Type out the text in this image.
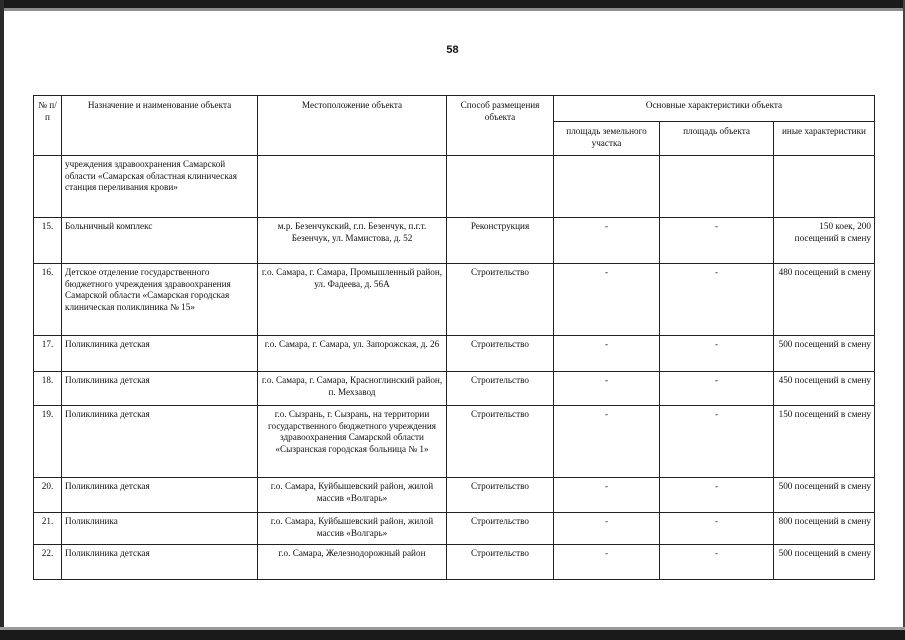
58
№ п/п	Назначение и наименование объекта	Местоположение объекта	Способ размещения объекта	Основные характеристики объекта		
				площадь земельного участка	площадь объекта	иные характеристики
	учреждения здравоохранения Самарской области «Самарская областная клиническая станция переливания крови»					
15.	Больничный комплекс	м.р. Безенчукский, г.п. Безенчук, п.г.т. Безенчук, ул. Мамистова, д. 52	Реконструкция	-	-	150 коек, 200 посещений в смену
16.	Детское отделение государственного бюджетного учреждения здравоохранения Самарской области «Самарская городская клиническая поликлиника № 15»	г.о. Самара, г. Самара, Промышленный район, ул. Фадеева, д. 56А	Строительство	-	-	480 посещений в смену
17.	Поликлиника детская	г.о. Самара, г. Самара, ул. Запорожская, д. 26	Строительство	-	-	500 посещений в смену
18.	Поликлиника детская	г.о. Самара, г. Самара, Красноглинский район, п. Мехзавод	Строительство	-	-	450 посещений в смену
19.	Поликлиника детская	г.о. Сызрань, г. Сызрань, на территории государственного бюджетного учреждения здравоохранения Самарской области «Сызранская городская больница № 1»	Строительство	-	-	150 посещений в смену
20.	Поликлиника детская	г.о. Самара, Куйбышевский район, жилой массив «Волгарь»	Строительство	-	-	500 посещений в смену
21.	Поликлиника	г.о. Самара, Куйбышевский район, жилой массив «Волгарь»	Строительство	-	-	800 посещений в смену
22.	Поликлиника детская	г.о. Самара, Железнодорожный район	Строительство	-	-	500 посещений в смену
